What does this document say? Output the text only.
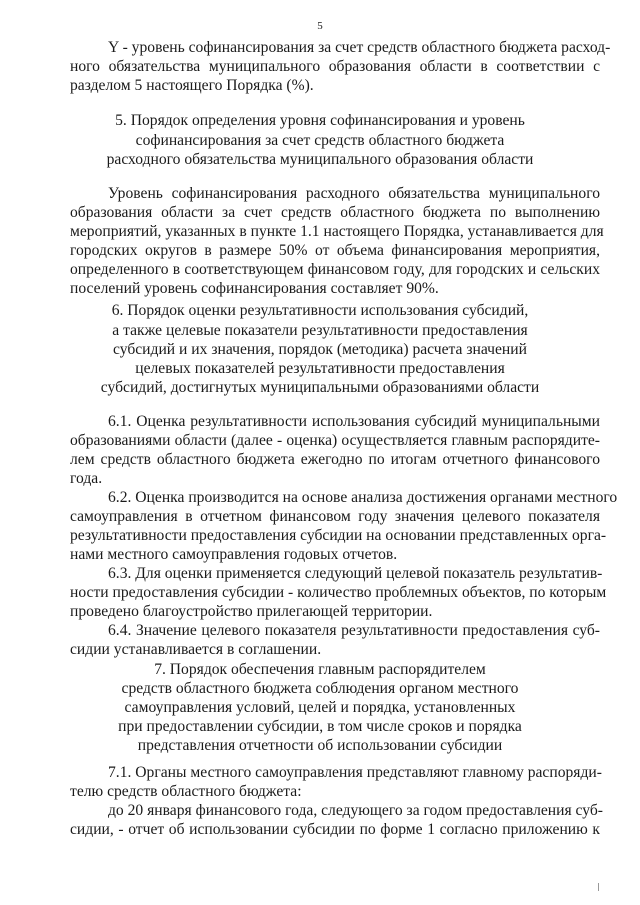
5
Y - уровень софинансирования за счет средств областного бюджета расход-
ного обязательства муниципального образования области в соответствии с
разделом 5 настоящего Порядка (%).
5. Порядок определения уровня софинансирования и уровень
софинансирования за счет средств областного бюджета
расходного обязательства муниципального образования области
Уровень софинансирования расходного обязательства муниципального
образования области за счет средств областного бюджета по выполнению
мероприятий, указанных в пункте 1.1 настоящего Порядка, устанавливается для
городских округов в размере 50% от объема финансирования мероприятия,
определенного в соответствующем финансовом году, для городских и сельских
поселений уровень софинансирования составляет 90%.
6. Порядок оценки результативности использования субсидий,
а также целевые показатели результативности предоставления
субсидий и их значения, порядок (методика) расчета значений
целевых показателей результативности предоставления
субсидий, достигнутых муниципальными образованиями области
6.1. Оценка результативности использования субсидий муниципальными
образованиями области (далее - оценка) осуществляется главным распорядите-
лем средств областного бюджета ежегодно по итогам отчетного финансового
года.
6.2. Оценка производится на основе анализа достижения органами местного
самоуправления в отчетном финансовом году значения целевого показателя
результативности предоставления субсидии на основании представленных орга-
нами местного самоуправления годовых отчетов.
6.3. Для оценки применяется следующий целевой показатель результатив-
ности предоставления субсидии - количество проблемных объектов, по которым
проведено благоустройство прилегающей территории.
6.4. Значение целевого показателя результативности предоставления суб-
сидии устанавливается в соглашении.
7. Порядок обеспечения главным распорядителем
средств областного бюджета соблюдения органом местного
самоуправления условий, целей и порядка, установленных
при предоставлении субсидии, в том числе сроков и порядка
представления отчетности об использовании субсидии
7.1. Органы местного самоуправления представляют главному распоряди-
телю средств областного бюджета:
до 20 января финансового года, следующего за годом предоставления суб-
сидии, - отчет об использовании субсидии по форме 1 согласно приложению к
